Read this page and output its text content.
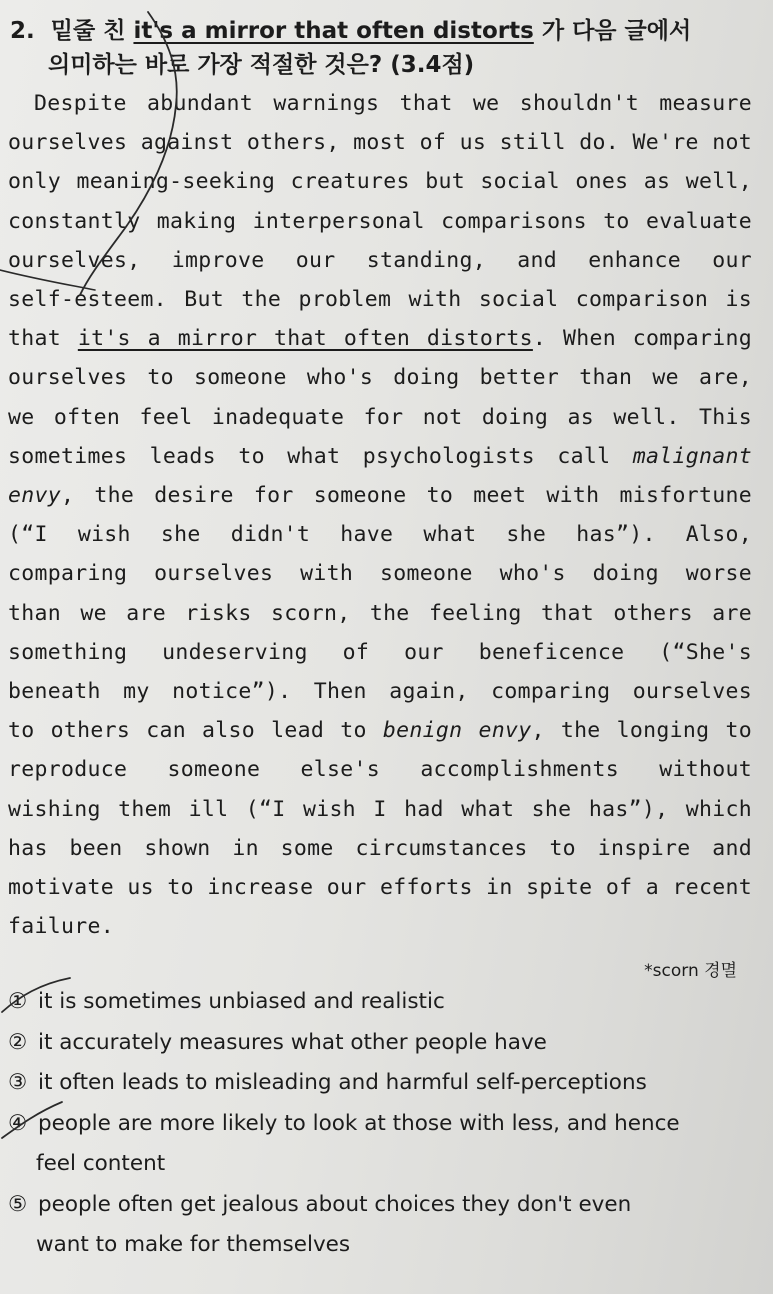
2. 밑줄 친 it's a mirror that often distorts 가 다음 글에서
의미하는 바로 가장 적절한 것은? (3.4점)
Despite abundant warnings that we shouldn't measure
ourselves against others, most of us still do. We're not
only meaning-seeking creatures but social ones as well,
constantly making interpersonal comparisons to evaluate
ourselves, improve our standing, and enhance our
self-esteem. But the problem with social comparison is
that it's a mirror that often distorts. When comparing
ourselves to someone who's doing better than we are,
we often feel inadequate for not doing as well. This
sometimes leads to what psychologists call malignant
envy, the desire for someone to meet with misfortune
(“I wish she didn't have what she has”). Also,
comparing ourselves with someone who's doing worse
than we are risks scorn, the feeling that others are
something undeserving of our beneficence (“She's
beneath my notice”). Then again, comparing ourselves
to others can also lead to benign envy, the longing to
reproduce someone else's accomplishments without
wishing them ill (“I wish I had what she has”), which
has been shown in some circumstances to inspire and
motivate us to increase our efforts in spite of a recent
failure.
*scorn 경멸
① it is sometimes unbiased and realistic
② it accurately measures what other people have
③ it often leads to misleading and harmful self-perceptions
④ people are more likely to look at those with less, and hence
feel content
⑤ people often get jealous about choices they don't even
want to make for themselves
